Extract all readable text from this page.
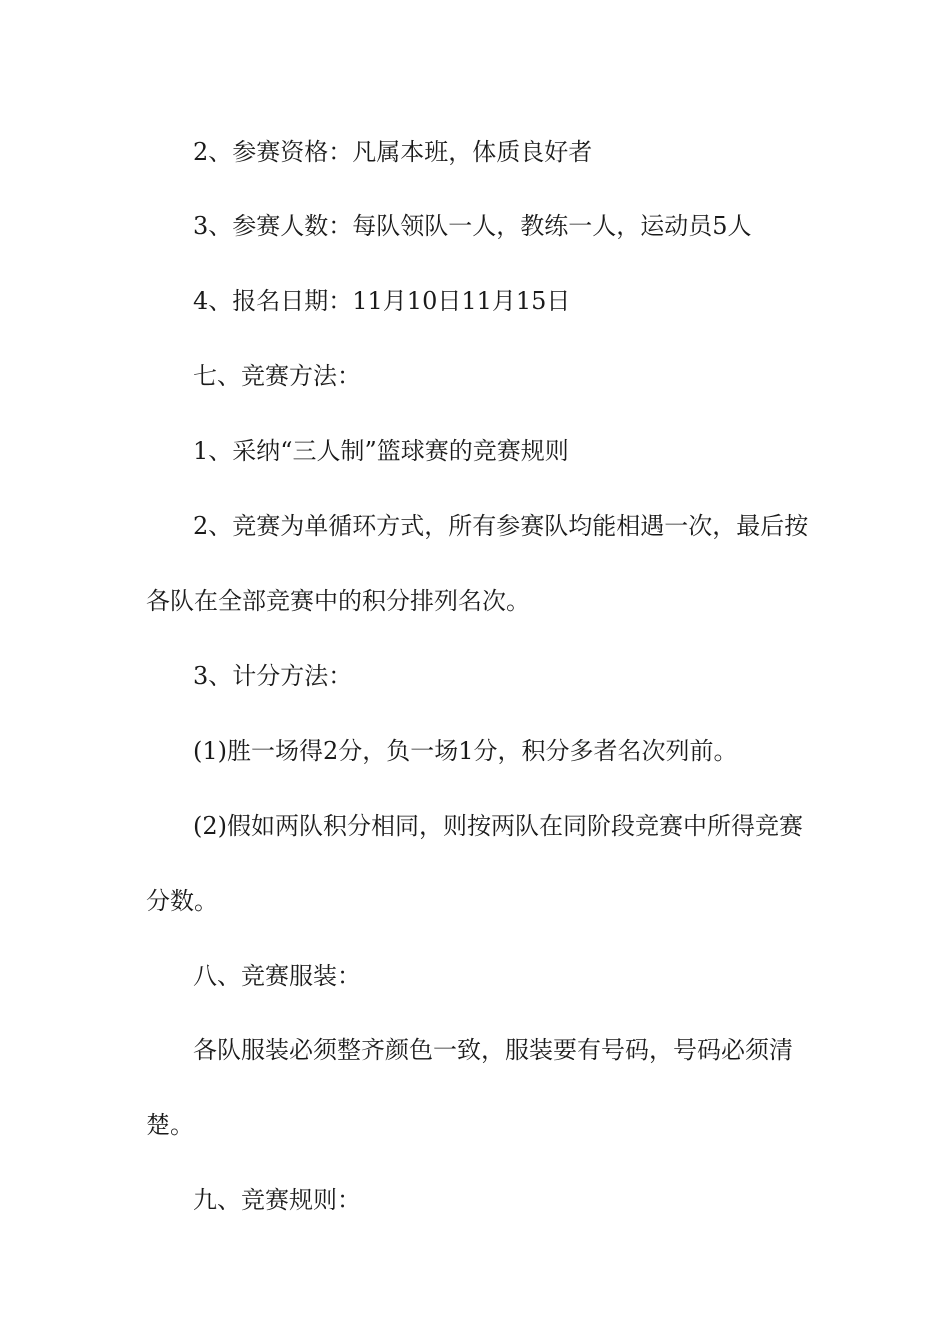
2、参赛资格：凡属本班，体质良好者
3、参赛人数：每队领队一人，教练一人，运动员5人
4、报名日期：11月10日11月15日
七、竞赛方法：
1、采纳“三人制”篮球赛的竞赛规则
2、竞赛为单循环方式，所有参赛队均能相遇一次，最后按
各队在全部竞赛中的积分排列名次。
3、计分方法：
(1)胜一场得2分，负一场1分，积分多者名次列前。
(2)假如两队积分相同，则按两队在同阶段竞赛中所得竞赛
分数。
八、竞赛服装：
各队服装必须整齐颜色一致，服装要有号码，号码必须清
楚。
九、竞赛规则：
